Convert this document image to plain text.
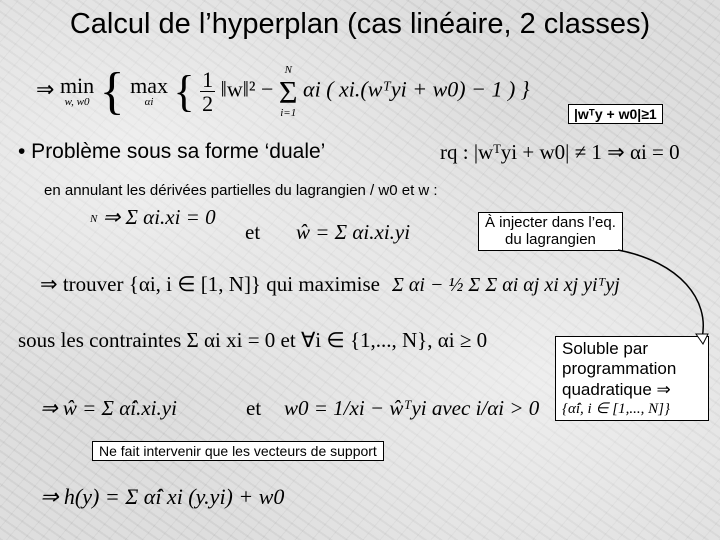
Calcul de l’hyperplan (cas linéaire, 2 classes)
⇒ min
w, w0 { max
αi { $\frac{1}{2}$ ‖w‖² −
N
Σ
i=1
αi ( xi.(wᵀyi + w0) − 1 ) }
|wᵀy + w0|≥1
• Problème sous sa forme ‘duale’	rq : |wᵀyi + w0| ≠ 1 ⇒ αi = 0
en annulant les dérivées partielles du lagrangien / w0 et w :
N ⇒ Σ αi.xi = 0
et ŵ = Σ αi.xi.yi	À injecter dans l’eq.
du lagrangien
⇒ trouver {αi, i ∈ [1, N]} qui maximise Σ αi − ½ Σ Σ αi αj xi xj yiᵀyj
sous les contraintes Σ αi xi = 0 et ∀i ∈ {1,..., N}, αi ≥ 0	Soluble par
programmation
quadratique ⇒
{α̂i, i ∈ [1,..., N]}
⇒ ŵ = Σ α̂i.xi.yi	et w0 = 1/xi − ŵᵀyi avec i/αi > 0
Ne fait intervenir que les vecteurs de support
⇒ h(y) = Σ α̂i xi (y.yi) + w0
